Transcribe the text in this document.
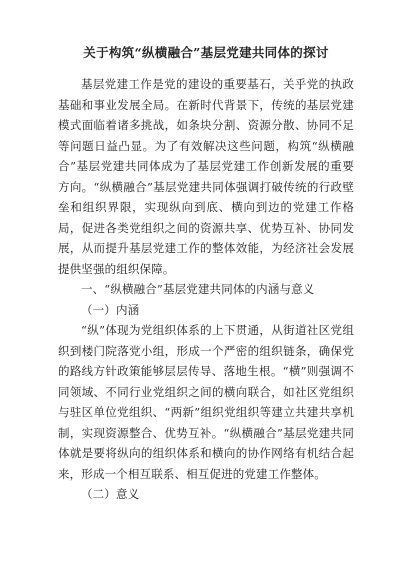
关于构筑“纵横融合”基层党建共同体的探讨

基层党建工作是党的建设的重要基石，关乎党的执政基础和事业发展全局。在新时代背景下，传统的基层党建模式面临着诸多挑战，如条块分割、资源分散、协同不足等问题日益凸显。为了有效解决这些问题，构筑“纵横融合”基层党建共同体成为了基层党建工作创新发展的重要方向。“纵横融合”基层党建共同体强调打破传统的行政壁垒和组织界限，实现纵向到底、横向到边的党建工作格局，促进各类党组织之间的资源共享、优势互补、协同发展，从而提升基层党建工作的整体效能，为经济社会发展提供坚强的组织保障。

一、“纵横融合”基层党建共同体的内涵与意义

（一）内涵

“纵”体现为党组织体系的上下贯通，从街道社区党组织到楼门院落党小组，形成一个严密的组织链条，确保党的路线方针政策能够层层传导、落地生根。“横”则强调不同领域、不同行业党组织之间的横向联合，如社区党组织与驻区单位党组织、“两新”组织党组织等建立共建共享机制，实现资源整合、优势互补。“纵横融合”基层党建共同体就是要将纵向的组织体系和横向的协作网络有机结合起来，形成一个相互联系、相互促进的党建工作整体。

（二）意义
